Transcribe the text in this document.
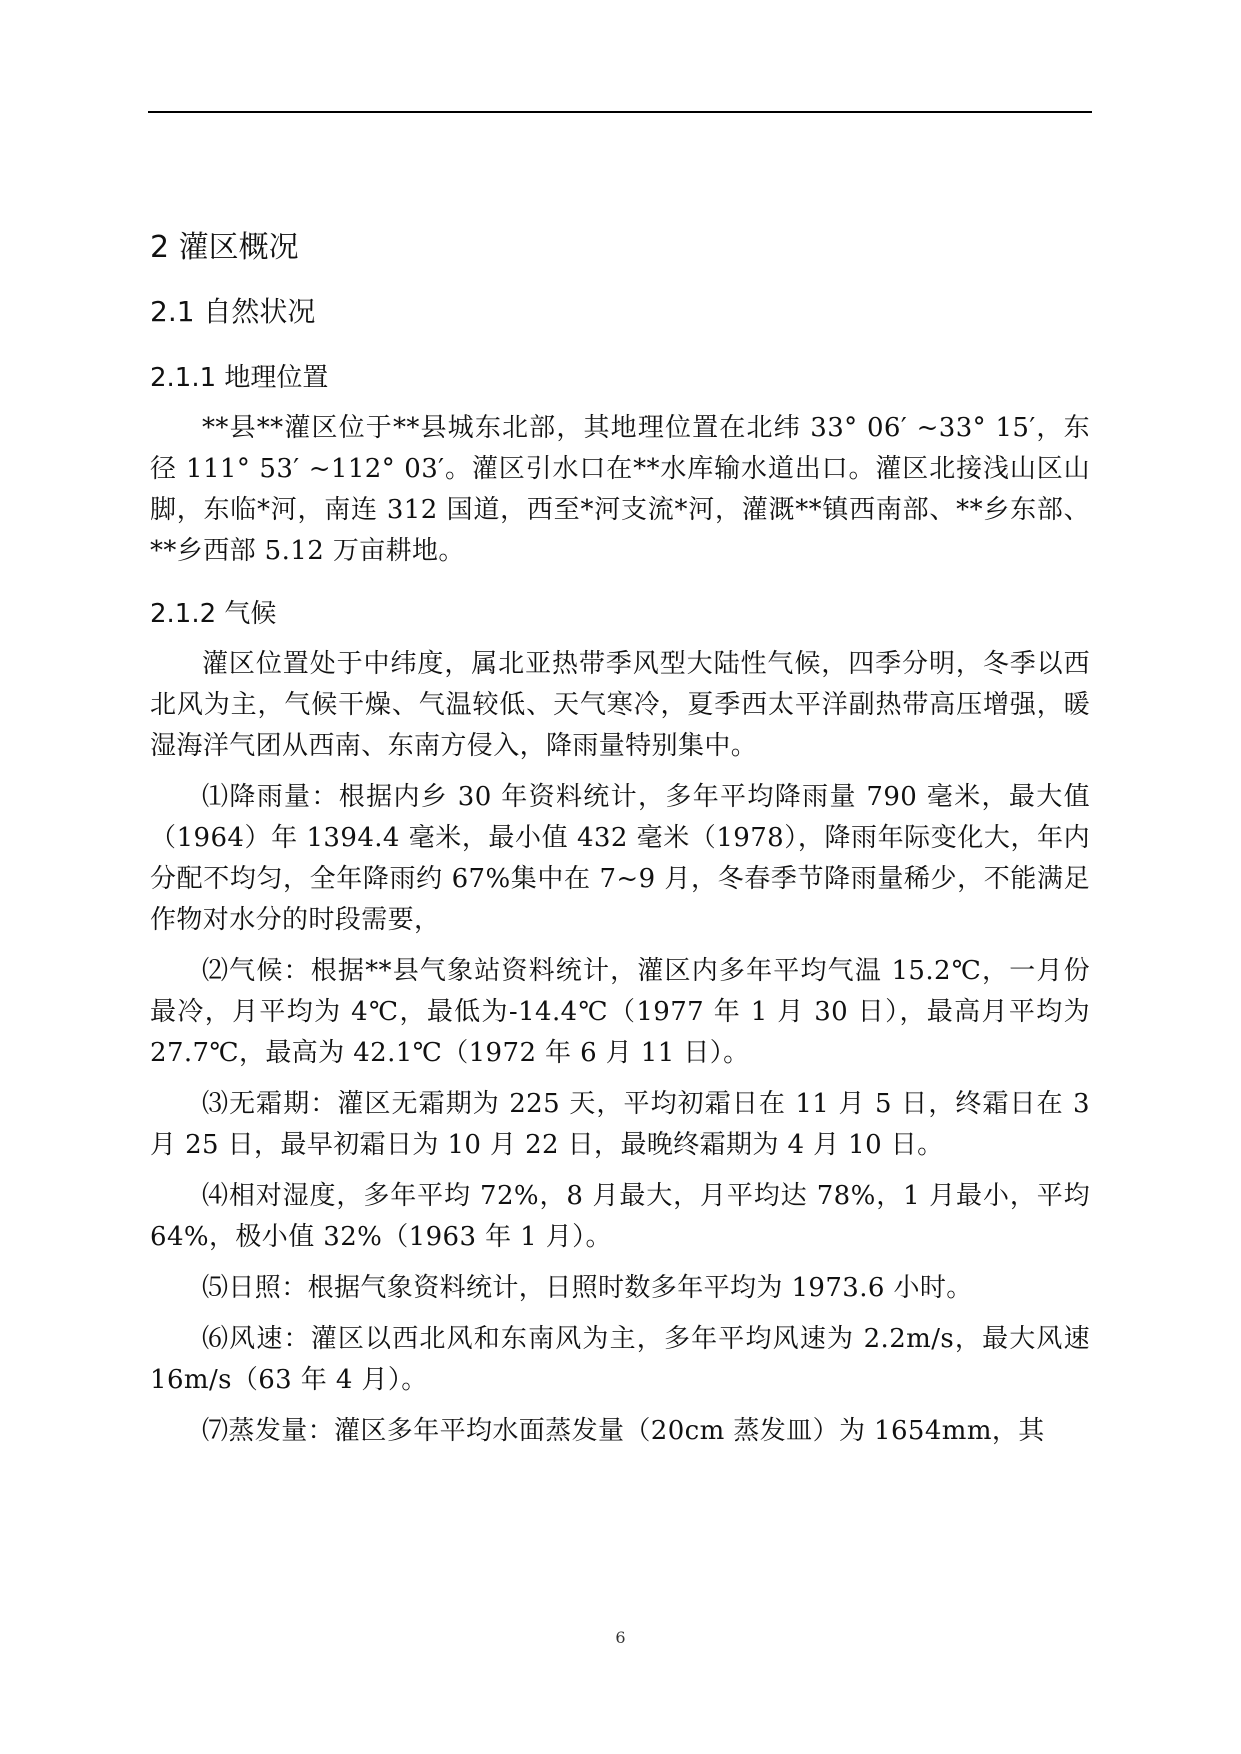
2 灌区概况
2.1 自然状况
2.1.1 地理位置

**县**灌区位于**县城东北部，其地理位置在北纬 33° 06′ ~33° 15′，东径 111° 53′ ~112° 03′。灌区引水口在**水库输水道出口。灌区北接浅山区山脚，东临*河，南连 312 国道，西至*河支流*河，灌溉**镇西南部、**乡东部、**乡西部 5.12 万亩耕地。

2.1.2 气候

灌区位置处于中纬度，属北亚热带季风型大陆性气候，四季分明，冬季以西北风为主，气候干燥、气温较低、天气寒冷，夏季西太平洋副热带高压增强，暖湿海洋气团从西南、东南方侵入，降雨量特别集中。

⑴降雨量：根据内乡 30 年资料统计，多年平均降雨量 790 毫米，最大值（1964）年 1394.4 毫米，最小值 432 毫米（1978），降雨年际变化大，年内分配不均匀，全年降雨约 67%集中在 7~9 月，冬春季节降雨量稀少，不能满足作物对水分的时段需要，

⑵气候：根据**县气象站资料统计，灌区内多年平均气温 15.2℃，一月份最冷，月平均为 4℃，最低为-14.4℃（1977 年 1 月 30 日），最高月平均为 27.7℃，最高为 42.1℃（1972 年 6 月 11 日）。

⑶无霜期：灌区无霜期为 225 天，平均初霜日在 11 月 5 日，终霜日在 3 月 25 日，最早初霜日为 10 月 22 日，最晚终霜期为 4 月 10 日。

⑷相对湿度，多年平均 72%，8 月最大，月平均达 78%，1 月最小，平均 64%，极小值 32%（1963 年 1 月）。

⑸日照：根据气象资料统计，日照时数多年平均为 1973.6 小时。

⑹风速：灌区以西北风和东南风为主，多年平均风速为 2.2m/s，最大风速 16m/s（63 年 4 月）。

⑺蒸发量：灌区多年平均水面蒸发量（20cm 蒸发皿）为 1654mm，其

6
